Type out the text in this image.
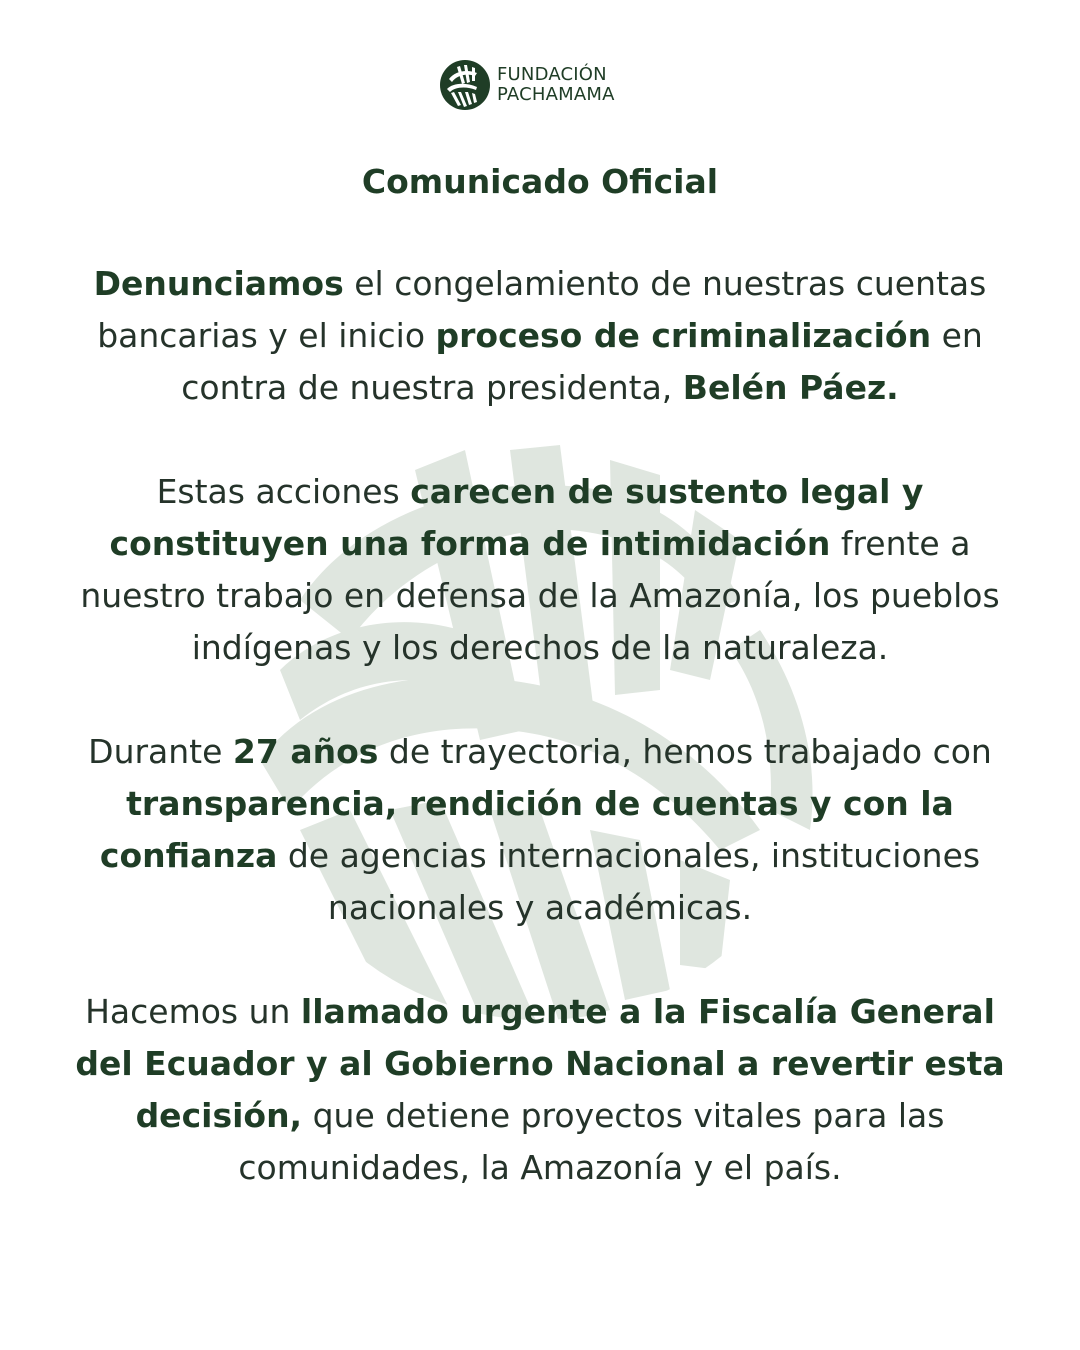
FUNDACIÓN
PACHAMAMA
Comunicado Oficial

Denunciamos el congelamiento de nuestras cuentas bancarias y el inicio proceso de criminalización en contra de nuestra presidenta, Belén Páez.

Estas acciones carecen de sustento legal y constituyen una forma de intimidación frente a nuestro trabajo en defensa de la Amazonía, los pueblos indígenas y los derechos de la naturaleza.

Durante 27 años de trayectoria, hemos trabajado con transparencia, rendición de cuentas y con la confianza de agencias internacionales, instituciones nacionales y académicas.

Hacemos un llamado urgente a la Fiscalía General del Ecuador y al Gobierno Nacional a revertir esta decisión, que detiene proyectos vitales para las comunidades, la Amazonía y el país.
